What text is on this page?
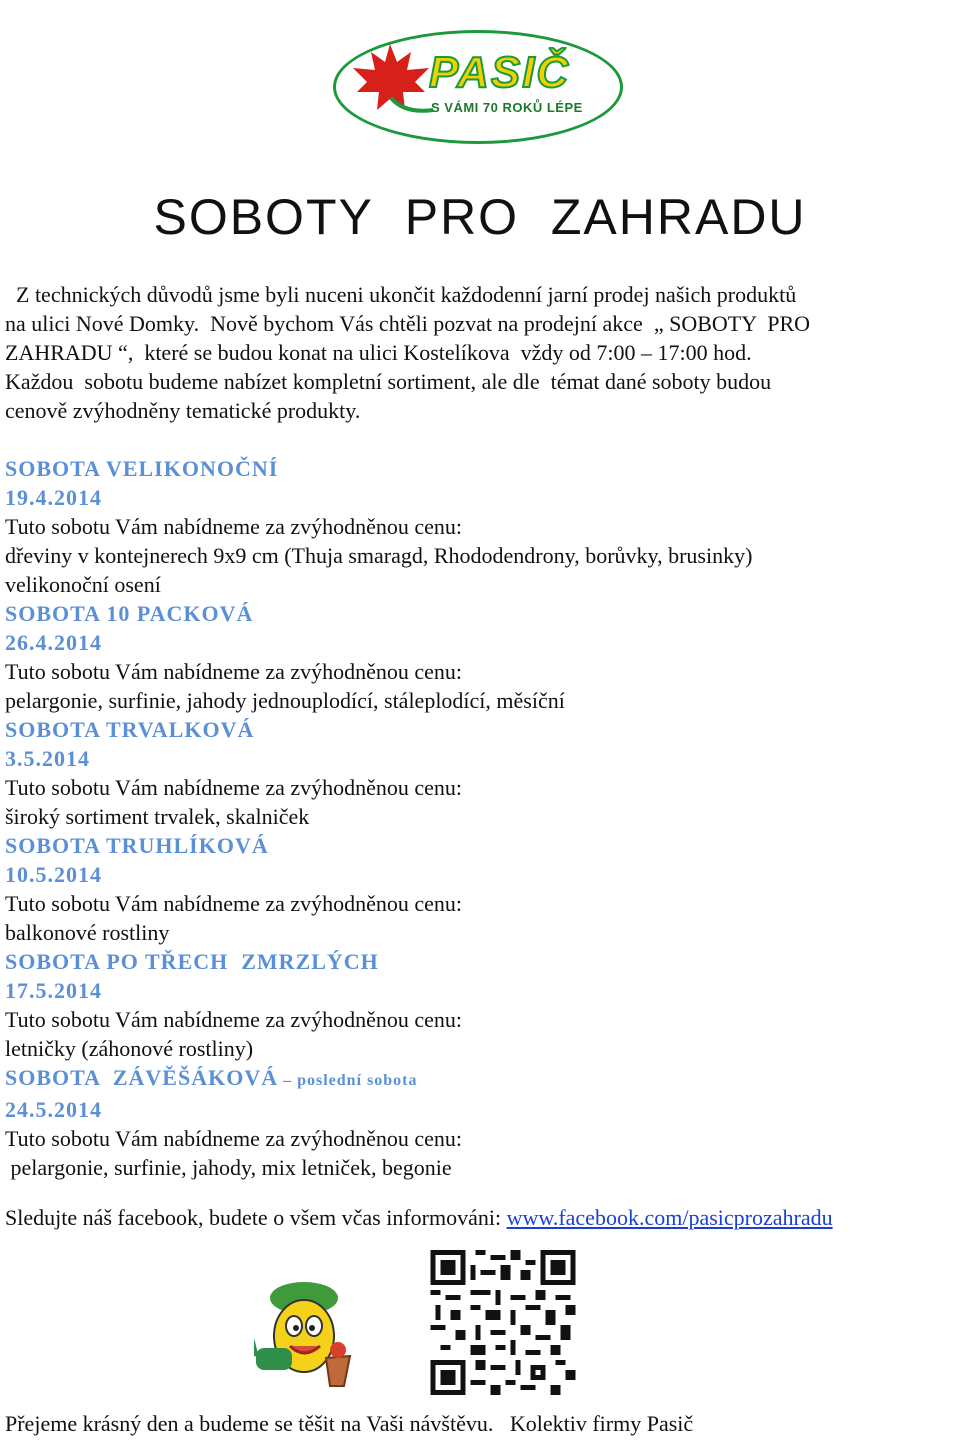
PASIČ
S VÁMI 70 ROKŮ LÉPE
SOBOTY  PRO  ZAHRADU
Z technických důvodů jsme byli nuceni ukončit každodenní jarní prodej našich produktů
na ulici Nové Domky.  Nově bychom Vás chtěli pozvat na prodejní akce  „ SOBOTY  PRO
ZAHRADU “,  které se budou konat na ulici Kostelíkova  vždy od 7:00 – 17:00 hod.
Každou  sobotu budeme nabízet kompletní sortiment, ale dle  témat dané soboty budou
cenově zvýhodněny tematické produkty.
SOBOTA VELIKONOČNÍ
19.4.2014
Tuto sobotu Vám nabídneme za zvýhodněnou cenu:
dřeviny v kontejnerech 9x9 cm (Thuja smaragd, Rhododendrony, borůvky, brusinky)
velikonoční osení
SOBOTA 10 PACKOVÁ
26.4.2014
Tuto sobotu Vám nabídneme za zvýhodněnou cenu:
pelargonie, surfinie, jahody jednouplodící, stáleplodící, měsíční
SOBOTA TRVALKOVÁ
3.5.2014
Tuto sobotu Vám nabídneme za zvýhodněnou cenu:
široký sortiment trvalek, skalniček
SOBOTA TRUHLÍKOVÁ
10.5.2014
Tuto sobotu Vám nabídneme za zvýhodněnou cenu:
balkonové rostliny
SOBOTA PO TŘECH  ZMRZLÝCH
17.5.2014
Tuto sobotu Vám nabídneme za zvýhodněnou cenu:
letničky (záhonové rostliny)
SOBOTA  ZÁVĚŠÁKOVÁ – poslední sobota
24.5.2014
Tuto sobotu Vám nabídneme za zvýhodněnou cenu:
pelargonie, surfinie, jahody, mix letniček, begonie
Sledujte náš facebook, budete o všem včas informováni: www.facebook.com/pasicprozahradu
Přejeme krásný den a budeme se těšit na Vaši návštěvu.   Kolektiv firmy Pasič
